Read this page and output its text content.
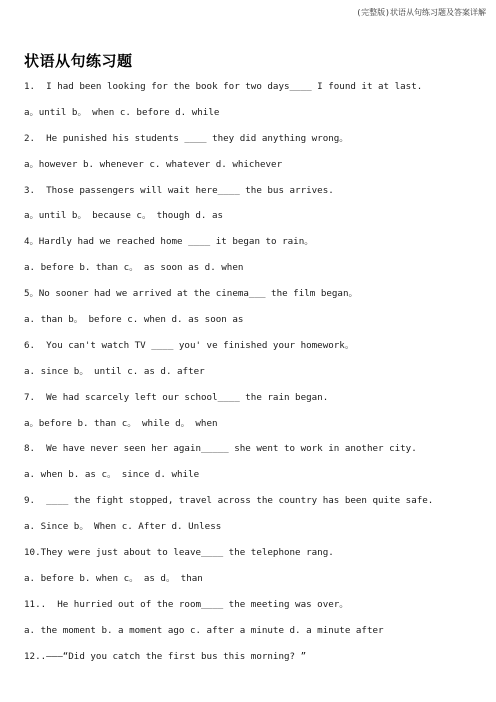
(完整版)状语从句练习题及答案详解
状语从句练习题
1.  I had been looking for the book for two days____ I found it at last.
a。until b。 when c. before d. while
2.  He punished his students ____ they did anything wrong。
a。however b. whenever c. whatever d. whichever
3.  Those passengers will wait here____ the bus arrives.
a。until b。 because c。 though d. as
4。Hardly had we reached home ____ it began to rain。
a. before b. than c。 as soon as d. when
5。No sooner had we arrived at the cinema___ the film began。
a. than b。 before c. when d. as soon as
6.  You can't watch TV ____ you' ve finished your homework。
a. since b。 until c. as d. after
7.  We had scarcely left our school____ the rain began.
a。before b. than c。 while d。 when
8.  We have never seen her again_____ she went to work in another city.
a. when b. as c。 since d. while
9.  ____ the fight stopped, travel across the country has been quite safe.
a. Since b。 When c. After d. Unless
10.They were just about to leave____ the telephone rang.
a. before b. when c。 as d。 than
11..  He hurried out of the room____ the meeting was over。
a. the moment b. a moment ago c. after a minute d. a minute after
12..———“Did you catch the first bus this morning? ”
